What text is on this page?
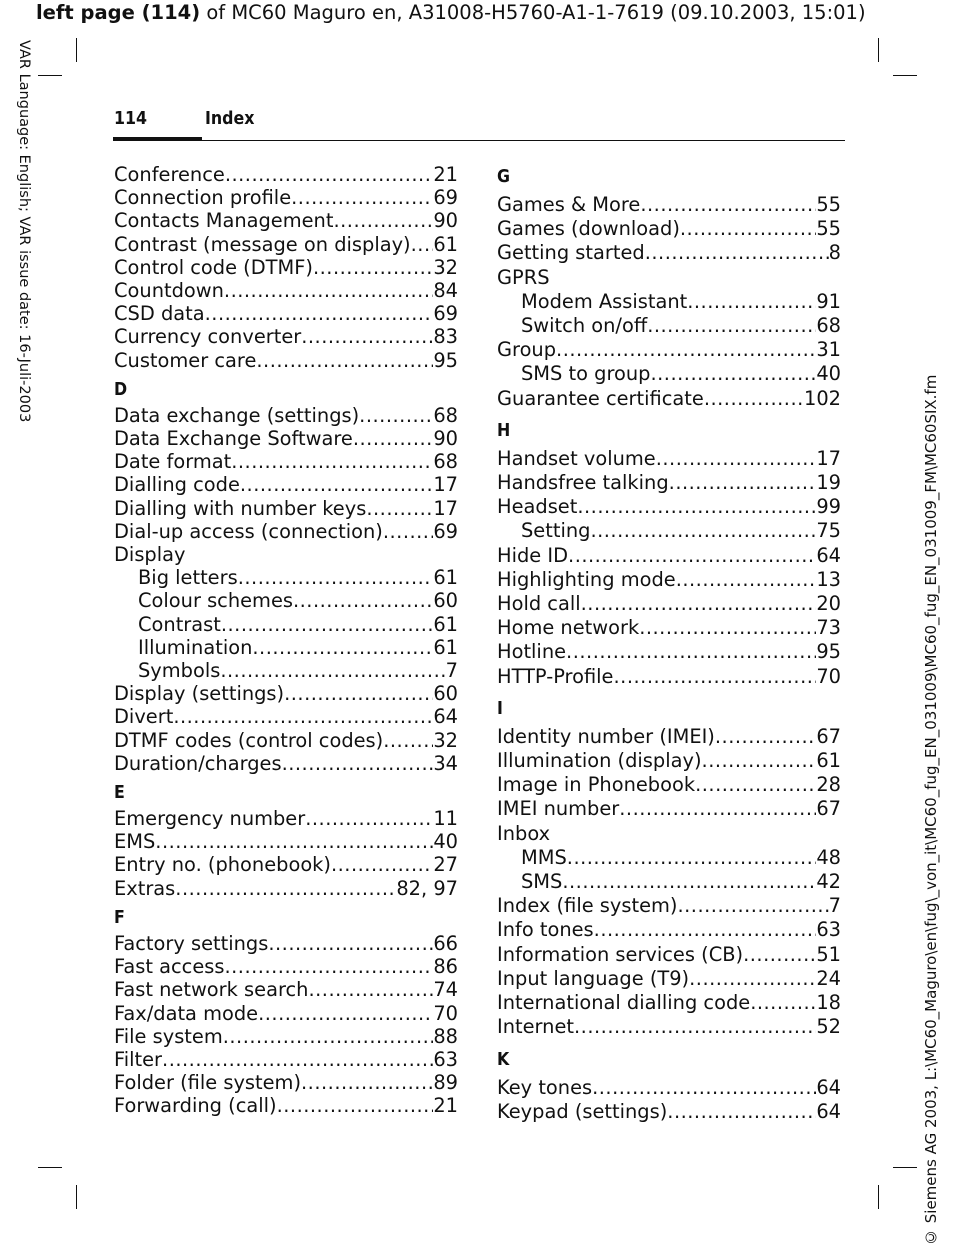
left page (114) of MC60 Maguro en, A31008-H5760-A1-1-7619 (09.10.2003, 15:01)
VAR Language: English; VAR issue date: 16-Juli-2003
© Siemens AG 2003, L:\MC60_Maguro\en\fug\_von_it\MC60_fug_EN_031009\MC60_fug_EN_031009_FM\MC60SIX.fm
114	Index
Conference .....	21
Connection profile .....	69
Contacts Management .....	90
Contrast (message on display) ..... 61
Control code (DTMF) .....	32
Countdown .....	84
CSD data .....	69
Currency converter .....	83
Customer care .....	95
D
Data exchange (settings) .....	68
Data Exchange Software .....	90
Date format .....	68
Dialling code .....	17
Dialling with number keys .....	17
Dial-up access (connection) .....	69
Display
Big letters .....	61
Colour schemes .....	60
Contrast .....	61
Illumination .....	61
Symbols .....	7
Display (settings) .....	60
Divert .....	64
DTMF codes (control codes) .....	32
Duration/charges .....	34
E
Emergency number .....	11
EMS .....	40
Entry no. (phonebook) .....	27
Extras .....	82, 97
F
Factory settings .....	66
Fast access .....	86
Fast network search .....	74
Fax/data mode .....	70
File system .....	88
Filter .....	63
Folder (file system) .....	89
Forwarding (call) .....	21
G
Games & More .....	55
Games (download) .....	55
Getting started .....	8
GPRS
Modem Assistant .....	91
Switch on/off .....	68
Group .....	31
SMS to group .....	40
Guarantee certificate .....	102
H
Handset volume .....	17
Handsfree talking .....	19
Headset .....	99
Setting .....	75
Hide ID .....	64
Highlighting mode .....	13
Hold call .....	20
Home network .....	73
Hotline .....	95
HTTP-Profile .....	70
I
Identity number (IMEI) .....	67
Illumination (display) .....	61
Image in Phonebook .....	28
IMEI number .....	67
Inbox
MMS .....	48
SMS .....	42
Index (file system) .....	7
Info tones .....	63
Information services (CB) .....	51
Input language (T9) .....	24
International dialling code .....	18
Internet .....	52
K
Key tones .....	64
Keypad (settings) .....	64
